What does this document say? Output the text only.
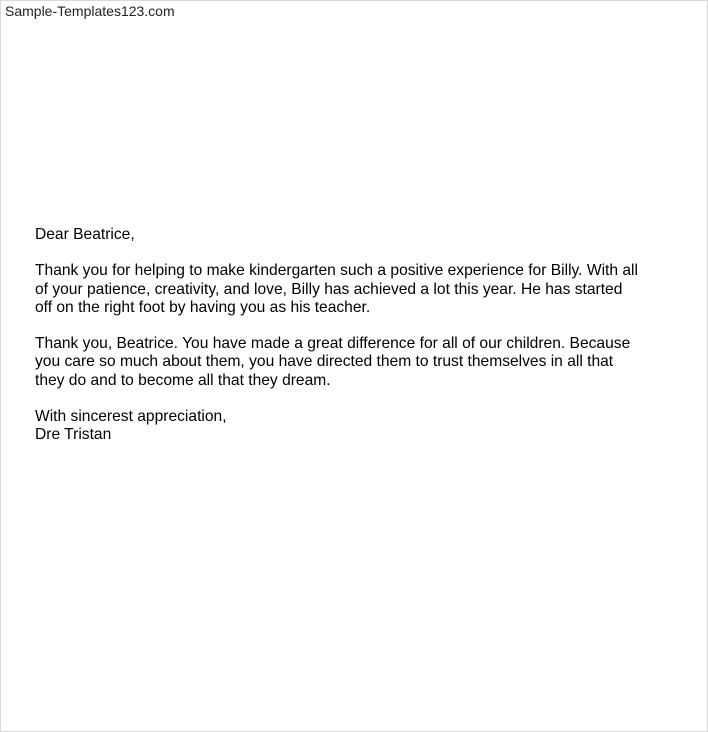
Sample-Templates123.com

Dear Beatrice,

Thank you for helping to make kindergarten such a positive experience for Billy. With all
of your patience, creativity, and love, Billy has achieved a lot this year. He has started
off on the right foot by having you as his teacher.

Thank you, Beatrice. You have made a great difference for all of our children. Because
you care so much about them, you have directed them to trust themselves in all that
they do and to become all that they dream.

With sincerest appreciation,
Dre Tristan
